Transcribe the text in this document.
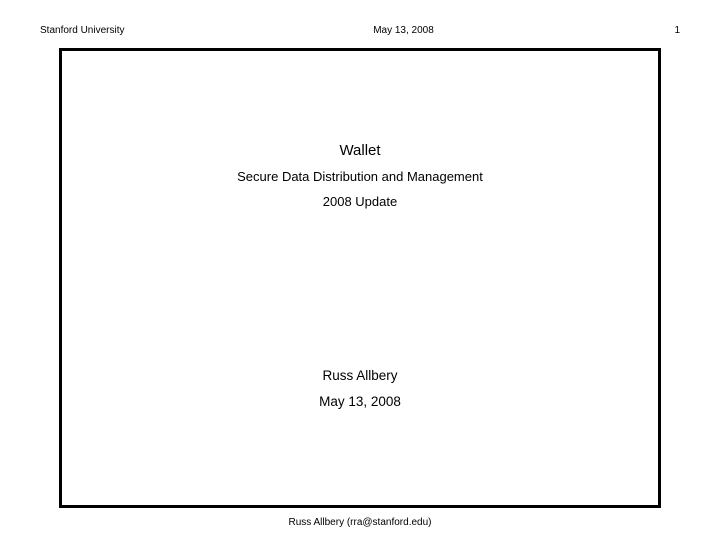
Stanford University	May 13, 2008	1
Wallet
Secure Data Distribution and Management
2008 Update
Russ Allbery
May 13, 2008
Russ Allbery (rra@stanford.edu)
